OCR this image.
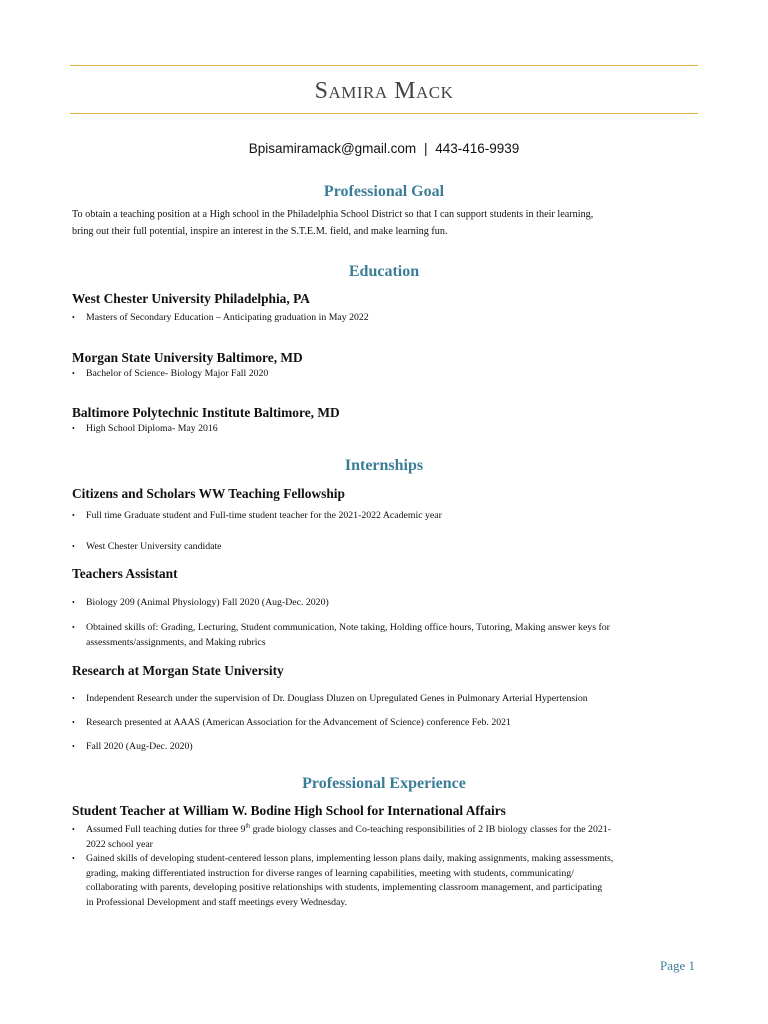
Samira Mack
Bpisamiramack@gmail.com | 443-416-9939
Professional Goal
To obtain a teaching position at a High school in the Philadelphia School District so that I can support students in their learning,
bring out their full potential, inspire an interest in the S.T.E.M. field, and make learning fun.
Education
West Chester University Philadelphia, PA
•	Masters of Secondary Education – Anticipating graduation in May 2022
Morgan State University Baltimore, MD
•	Bachelor of Science- Biology Major Fall 2020
Baltimore Polytechnic Institute Baltimore, MD
•	High School Diploma- May 2016
Internships
Citizens and Scholars WW Teaching Fellowship
•	Full time Graduate student and Full-time student teacher for the 2021-2022 Academic year
•	West Chester University candidate
Teachers Assistant
•	Biology 209 (Animal Physiology) Fall 2020 (Aug-Dec. 2020)
•	Obtained skills of: Grading, Lecturing, Student communication, Note taking, Holding office hours, Tutoring, Making answer keys for
assessments/assignments, and Making rubrics
Research at Morgan State University
•	Independent Research under the supervision of Dr. Douglass Dluzen on Upregulated Genes in Pulmonary Arterial Hypertension
•	Research presented at AAAS (American Association for the Advancement of Science) conference Feb. 2021
•	Fall 2020 (Aug-Dec. 2020)
Professional Experience
Student Teacher at William W. Bodine High School for International Affairs
•	Assumed Full teaching duties for three 9th grade biology classes and Co-teaching responsibilities of 2 IB biology classes for the 2021-
2022 school year
•	Gained skills of developing student-centered lesson plans, implementing lesson plans daily, making assignments, making assessments,
grading, making differentiated instruction for diverse ranges of learning capabilities, meeting with students, communicating/
collaborating with parents, developing positive relationships with students, implementing classroom management, and participating
in Professional Development and staff meetings every Wednesday.
Page 1
